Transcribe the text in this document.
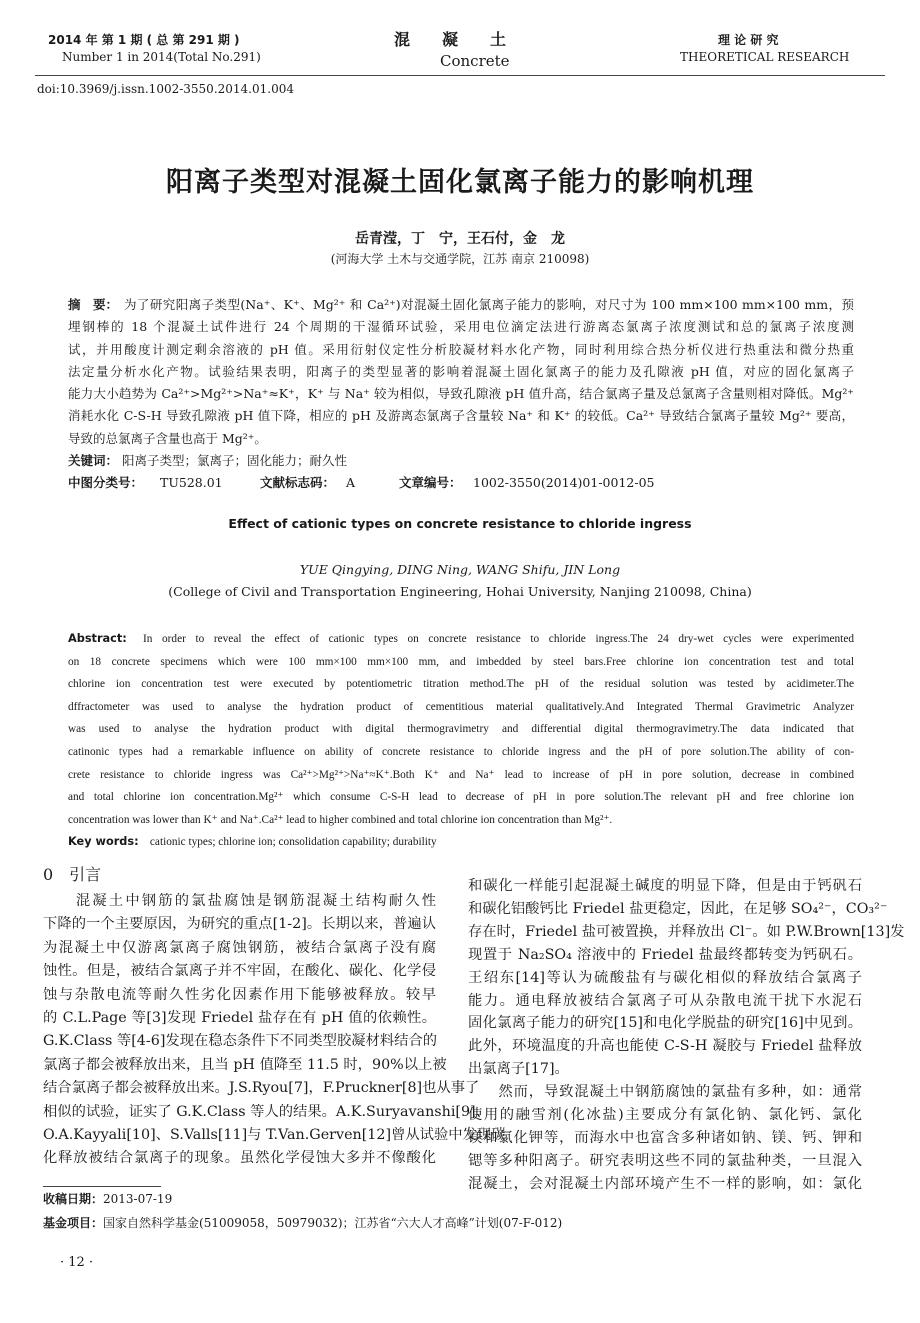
2014 年 第 1 期 ( 总 第 291 期 )
Number 1 in 2014(Total No.291)
混　　凝　　土
Concrete
理 论 研 究
THEORETICAL RESEARCH
doi:10.3969/j.issn.1002-3550.2014.01.004
阳离子类型对混凝土固化氯离子能力的影响机理
岳青滢，丁　宁，王石付，金　龙
(河海大学 土木与交通学院，江苏 南京 210098)
摘　要： 为了研究阳离子类型(Na⁺、K⁺、Mg²⁺ 和 Ca²⁺)对混凝土固化氯离子能力的影响，对尺寸为 100 mm×100 mm×100 mm，预
埋钢棒的 18 个混凝土试件进行 24 个周期的干湿循环试验，采用电位滴定法进行游离态氯离子浓度测试和总的氯离子浓度测
试，并用酸度计测定剩余溶液的 pH 值。采用衍射仪定性分析胶凝材料水化产物，同时利用综合热分析仪进行热重法和微分热重
法定量分析水化产物。试验结果表明，阳离子的类型显著的影响着混凝土固化氯离子的能力及孔隙液 pH 值，对应的固化氯离子
能力大小趋势为 Ca²⁺>Mg²⁺>Na⁺≈K⁺，K⁺ 与 Na⁺ 较为相似，导致孔隙液 pH 值升高，结合氯离子量及总氯离子含量则相对降低。Mg²⁺
消耗水化 C-S-H 导致孔隙液 pH 值下降，相应的 pH 及游离态氯离子含量较 Na⁺ 和 K⁺ 的较低。Ca²⁺ 导致结合氯离子量较 Mg²⁺ 要高，
导致的总氯离子含量也高于 Mg²⁺。
关键词： 阳离子类型；氯离子；固化能力；耐久性
中图分类号： TU528.01	文献标志码： A	文章编号： 1002-3550(2014)01-0012-05
Effect of cationic types on concrete resistance to chloride ingress
YUE Qingying, DING Ning, WANG Shifu, JIN Long
(College of Civil and Transportation Engineering, Hohai University, Nanjing 210098, China)
Abstract: In order to reveal the effect of cationic types on concrete resistance to chloride ingress.The 24 dry-wet cycles were experimented
on 18 concrete specimens which were 100 mm×100 mm×100 mm, and imbedded by steel bars.Free chlorine ion concentration test and total
chlorine ion concentration test were executed by potentiometric titration method.The pH of the residual solution was tested by acidimeter.The
dffractometer was used to analyse the hydration product of cementitious material qualitatively.And Integrated Thermal Gravimetric Analyzer
was used to analyse the hydration product with digital thermogravimetry and differential digital thermogravimetry.The data indicated that
catinonic types had a remarkable influence on ability of concrete resistance to chloride ingress and the pH of pore solution.The ability of con-
crete resistance to chloride ingress was Ca²⁺>Mg²⁺>Na⁺≈K⁺.Both K⁺ and Na⁺ lead to increase of pH in pore solution, decrease in combined
and total chlorine ion concentration.Mg²⁺ which consume C-S-H lead to decrease of pH in pore solution.The relevant pH and free chlorine ion
concentration was lower than K⁺ and Na⁺.Ca²⁺ lead to higher combined and total chlorine ion concentration than Mg²⁺.
Key words: cationic types; chlorine ion; consolidation capability; durability
0　引言
　　混凝土中钢筋的氯盐腐蚀是钢筋混凝土结构耐久性
下降的一个主要原因，为研究的重点[1-2]。长期以来，普遍认
为混凝土中仅游离氯离子腐蚀钢筋，被结合氯离子没有腐
蚀性。但是，被结合氯离子并不牢固，在酸化、碳化、化学侵
蚀与杂散电流等耐久性劣化因素作用下能够被释放。较早
的 C.L.Page 等[3]发现 Friedel 盐存在有 pH 值的依赖性。
G.K.Class 等[4-6]发现在稳态条件下不同类型胶凝材料结合的
氯离子都会被释放出来，且当 pH 值降至 11.5 时，90%以上被
结合氯离子都会被释放出来。J.S.Ryou[7]，F.Pruckner[8]也从事了
相似的试验，证实了 G.K.Class 等人的结果。A.K.Suryavanshi[9]、
O.A.Kayyali[10]、S.Valls[11]与 T.Van.Gerven[12]曾从试验中发现碳
化释放被结合氯离子的现象。虽然化学侵蚀大多并不像酸化
和碳化一样能引起混凝土碱度的明显下降，但是由于钙矾石
和碳化铝酸钙比 Friedel 盐更稳定，因此，在足够 SO₄²⁻，CO₃²⁻
存在时，Friedel 盐可被置换，并释放出 Cl⁻。如 P.W.Brown[13]发
现置于 Na₂SO₄ 溶液中的 Friedel 盐最终都转变为钙矾石。
王绍东[14]等认为硫酸盐有与碳化相似的释放结合氯离子
能力。通电释放被结合氯离子可从杂散电流干扰下水泥石
固化氯离子能力的研究[15]和电化学脱盐的研究[16]中见到。
此外，环境温度的升高也能使 C-S-H 凝胶与 Friedel 盐释放
出氯离子[17]。
　　然而，导致混凝土中钢筋腐蚀的氯盐有多种，如：通常
使用的融雪剂(化冰盐)主要成分有氯化钠、氯化钙、氯化
镁和氯化钾等，而海水中也富含多种诸如钠、镁、钙、钾和
锶等多种阳离子。研究表明这些不同的氯盐种类，一旦混入
混凝土，会对混凝土内部环境产生不一样的影响，如：氯化
收稿日期：2013-07-19
基金项目：国家自然科学基金(51009058，50979032)；江苏省“六大人才高峰”计划(07-F-012)
· 12 ·
